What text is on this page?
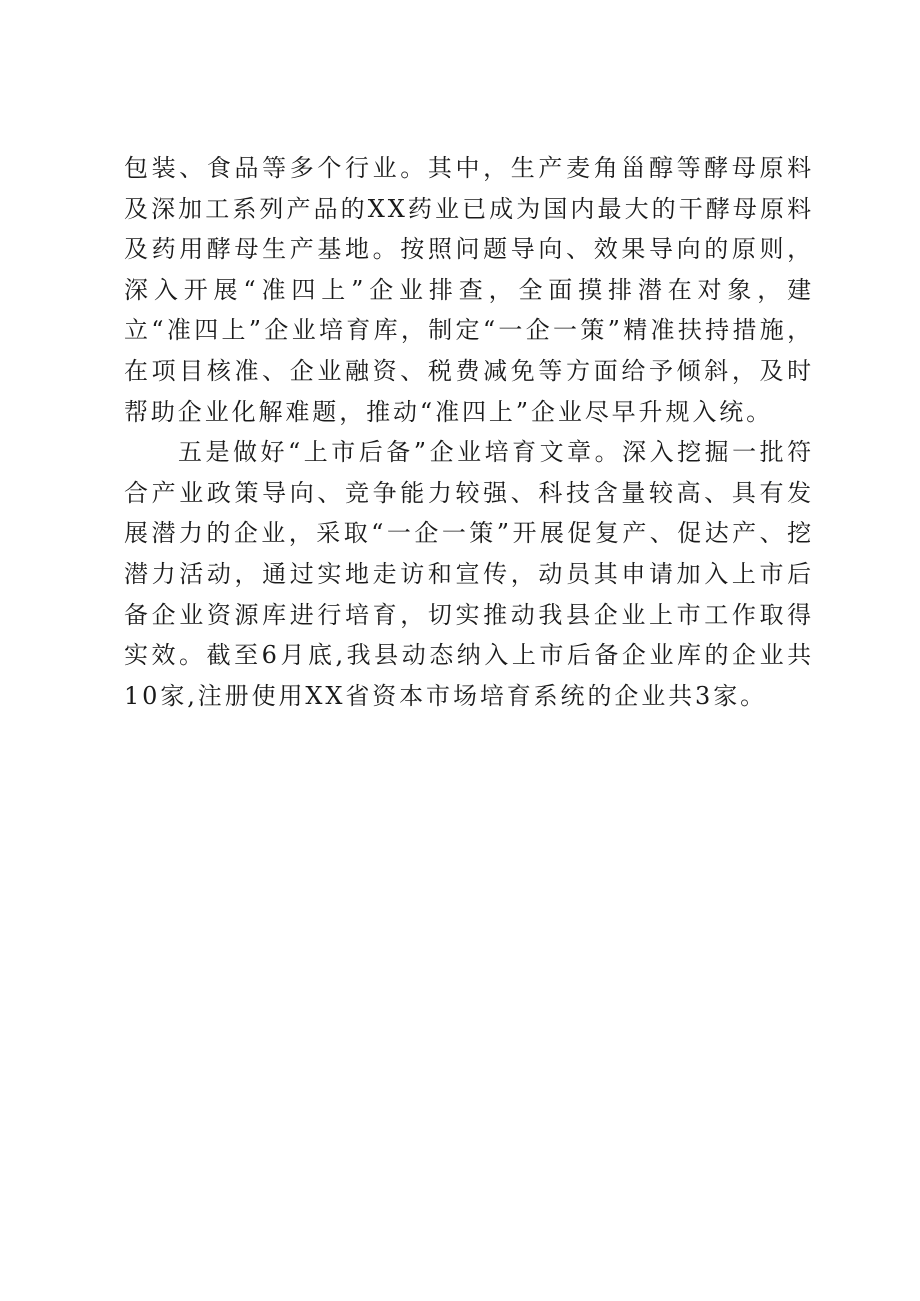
包装、食品等多个行业。其中，生产麦角甾醇等酵母原料及深加工系列产品的XX药业已成为国内最大的干酵母原料及药用酵母生产基地。按照问题导向、效果导向的原则，深入开展“准四上”企业排查，全面摸排潜在对象，建立“准四上”企业培育库，制定“一企一策”精准扶持措施，在项目核准、企业融资、税费减免等方面给予倾斜，及时帮助企业化解难题，推动“准四上”企业尽早升规入统。

五是做好“上市后备”企业培育文章。深入挖掘一批符合产业政策导向、竞争能力较强、科技含量较高、具有发展潜力的企业，采取“一企一策”开展促复产、促达产、挖潜力活动，通过实地走访和宣传，动员其申请加入上市后备企业资源库进行培育，切实推动我县企业上市工作取得实效。截至6月底,我县动态纳入上市后备企业库的企业共10家,注册使用XX省资本市场培育系统的企业共3家。
